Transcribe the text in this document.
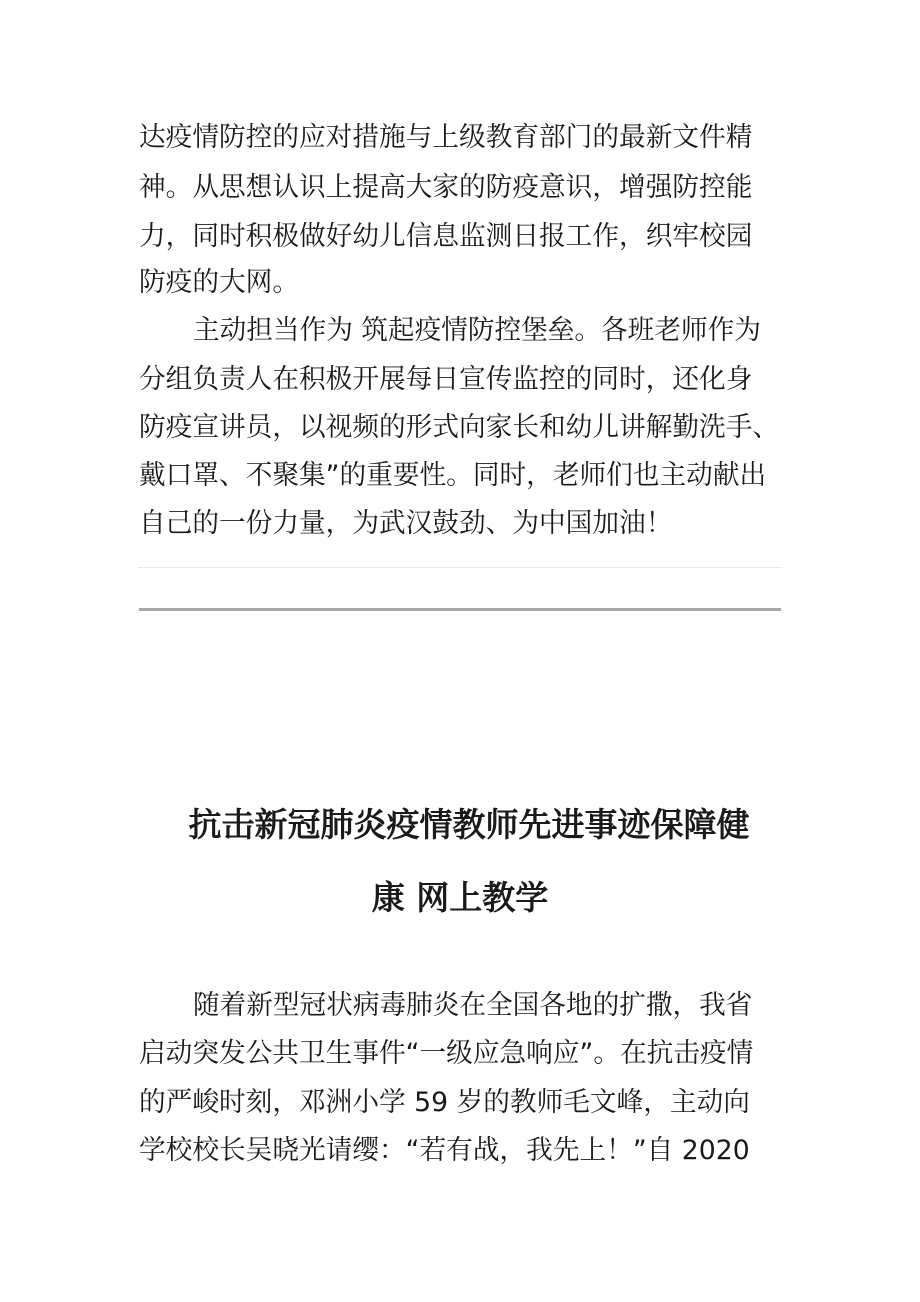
达疫情防控的应对措施与上级教育部门的最新文件精
神。从思想认识上提高大家的防疫意识，增强防控能
力，同时积极做好幼儿信息监测日报工作，织牢校园
防疫的大网。
主动担当作为 筑起疫情防控堡垒。各班老师作为
分组负责人在积极开展每日宣传监控的同时，还化身
防疫宣讲员，以视频的形式向家长和幼儿讲解勤洗手、
戴口罩、不聚集”的重要性。同时，老师们也主动献出
自己的一份力量，为武汉鼓劲、为中国加油！
抗击新冠肺炎疫情教师先进事迹保障健
康 网上教学
随着新型冠状病毒肺炎在全国各地的扩撒，我省
启动突发公共卫生事件“一级应急响应”。在抗击疫情
的严峻时刻，邓洲小学 59 岁的教师毛文峰，主动向
学校校长吴晓光请缨：“若有战，我先上！”自 2020
